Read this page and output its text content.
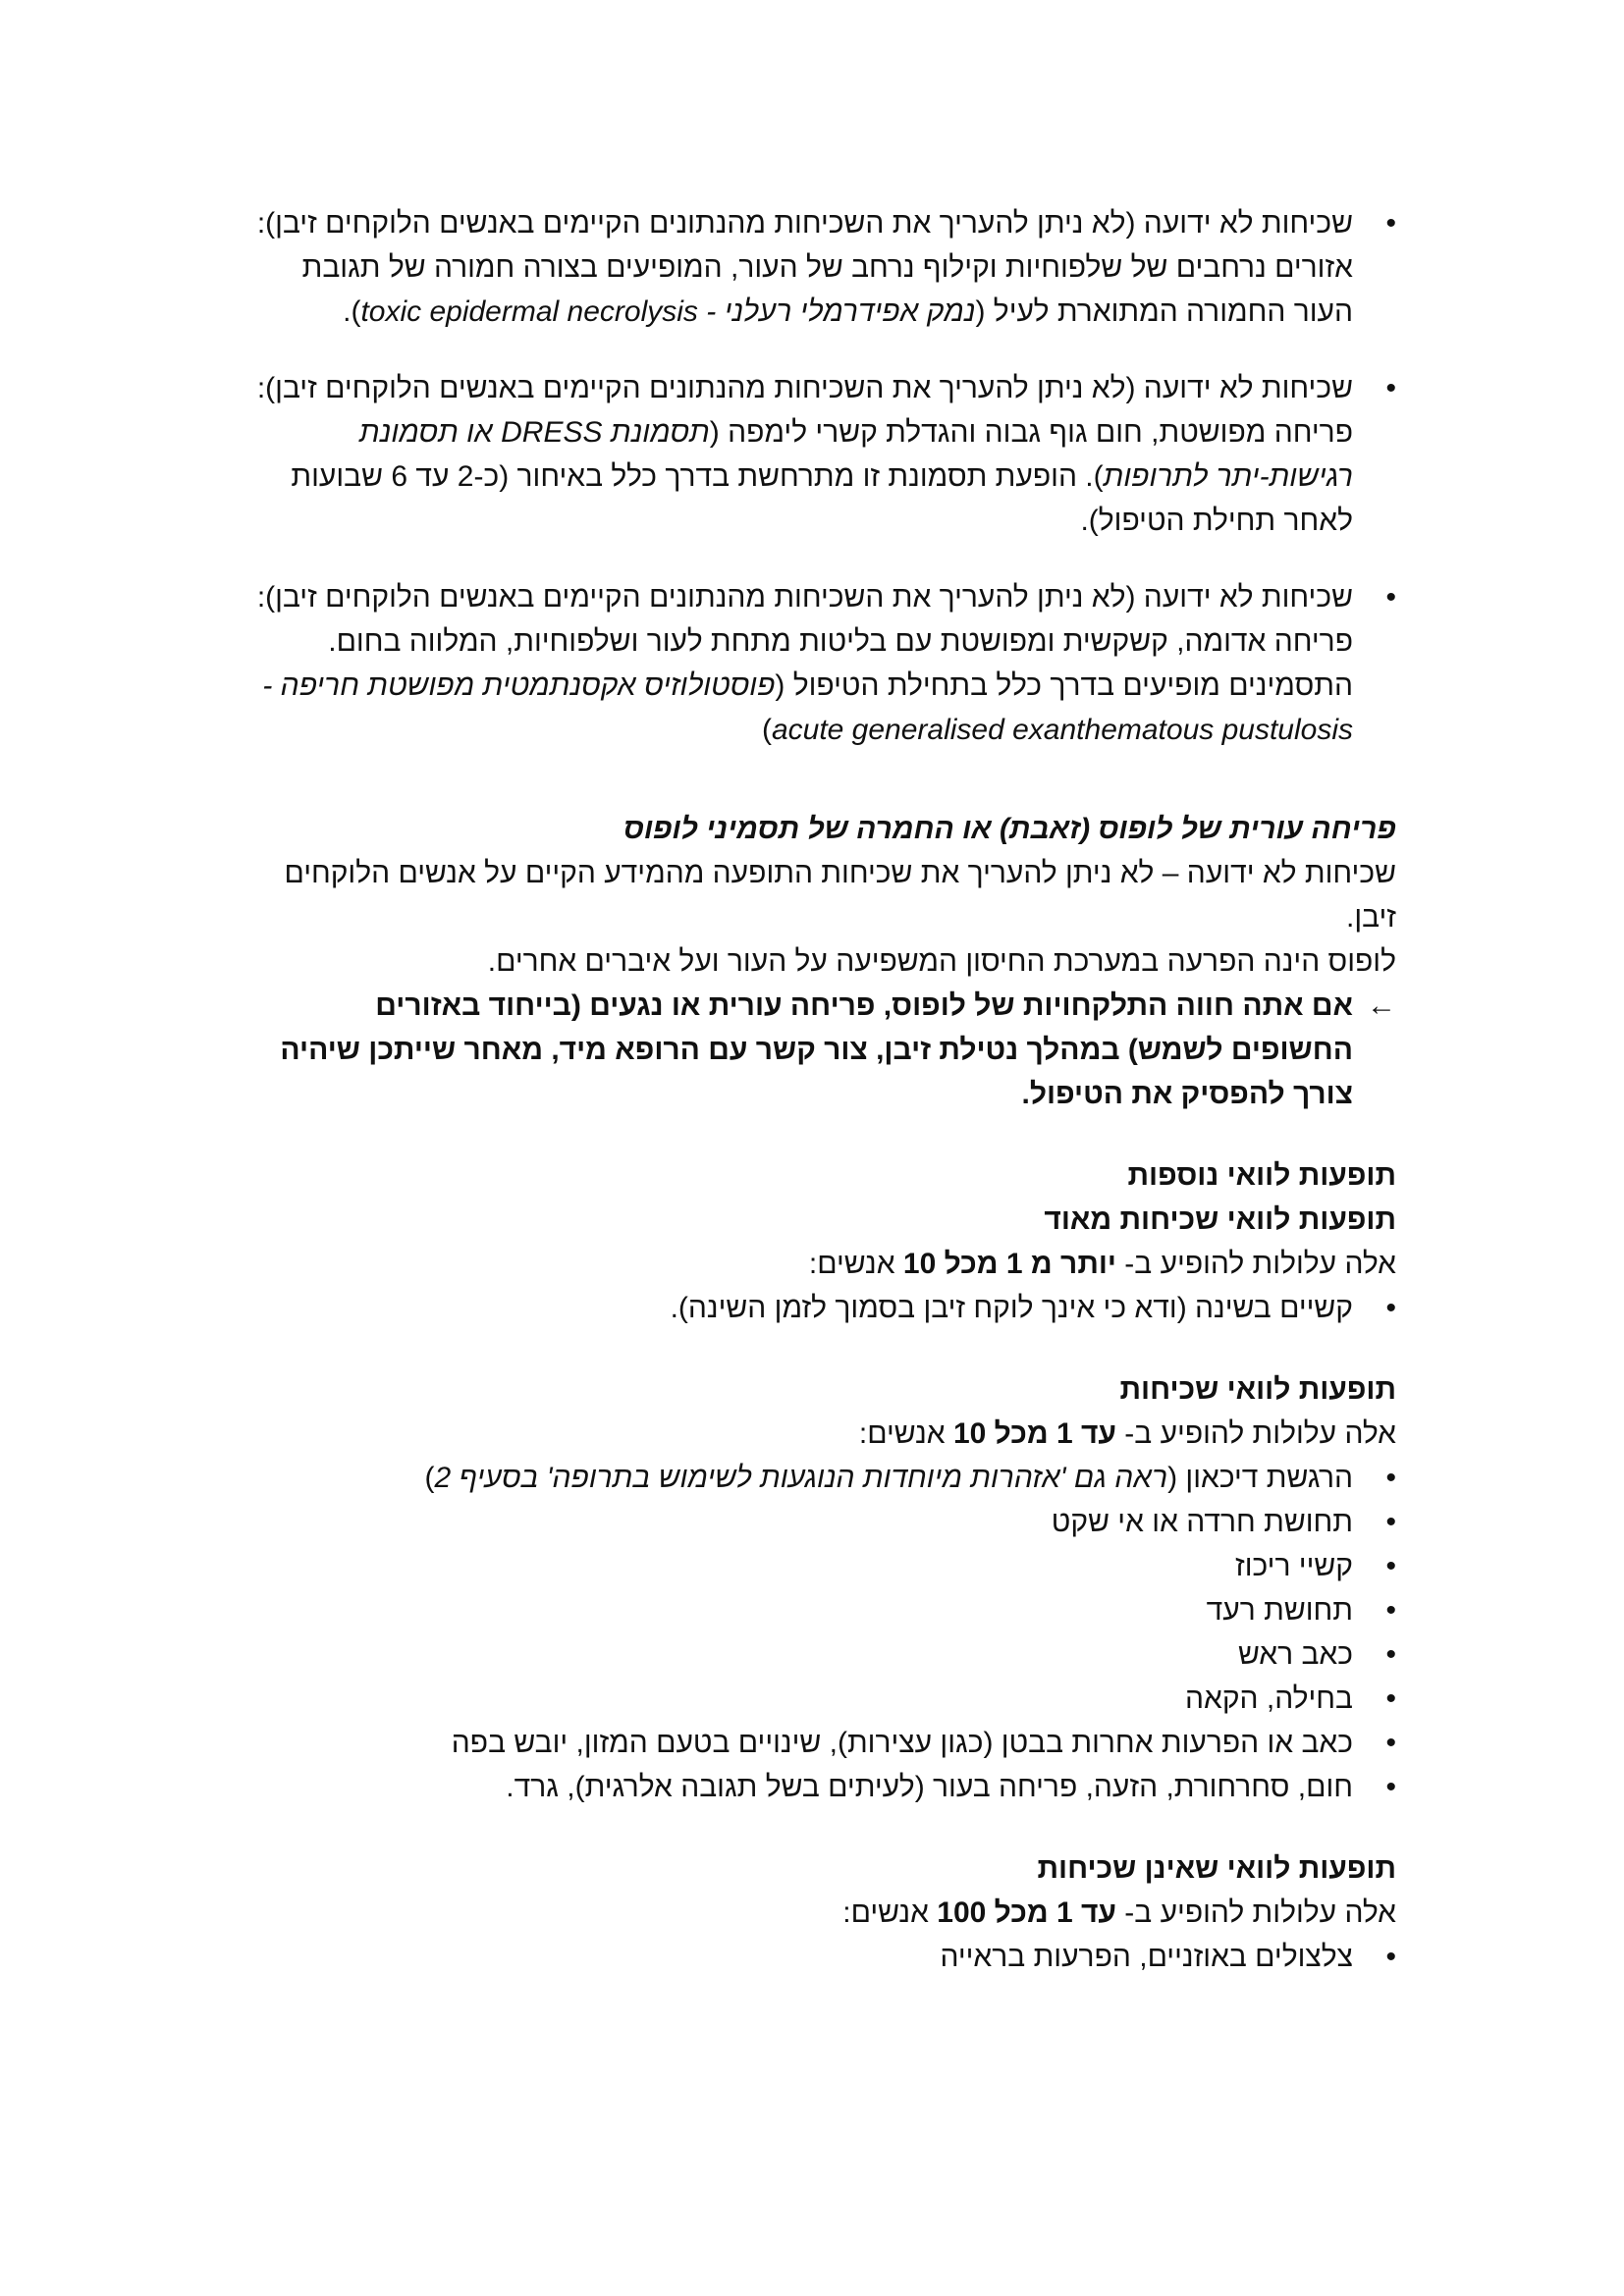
•
שכיחות לא ידועה (לא ניתן להעריך את השכיחות מהנתונים הקיימים באנשים הלוקחים זיבן): אזורים נרחבים של שלפוחיות וקילוף נרחב של העור, המופיעים בצורה חמורה של תגובת העור החמורה המתוארת לעיל (נמק אפידרמלי רעלני - toxic epidermal necrolysis).
•
שכיחות לא ידועה (לא ניתן להעריך את השכיחות מהנתונים הקיימים באנשים הלוקחים זיבן): פריחה מפושטת, חום גוף גבוה והגדלת קשרי לימפה (תסמונת DRESS או תסמונת רגישות-יתר לתרופות). הופעת תסמונת זו מתרחשת בדרך כלל באיחור (כ-2 עד 6 שבועות לאחר תחילת הטיפול).
•
שכיחות לא ידועה (לא ניתן להעריך את השכיחות מהנתונים הקיימים באנשים הלוקחים זיבן): פריחה אדומה, קשקשית ומפושטת עם בליטות מתחת לעור ושלפוחיות, המלווה בחום. התסמינים מופיעים בדרך כלל בתחילת הטיפול (פוסטולוזיס אקסנתמטית מפושטת חריפה - acute generalised exanthematous pustulosis)
פריחה עורית של לופוס (זאבת) או החמרה של תסמיני לופוס
שכיחות לא ידועה – לא ניתן להעריך את שכיחות התופעה מהמידע הקיים על אנשים הלוקחים זיבן.
לופוס הינה הפרעה במערכת החיסון המשפיעה על העור ועל איברים אחרים.
←
אם אתה חווה התלקחויות של לופוס, פריחה עורית או נגעים (בייחוד באזורים החשופים לשמש) במהלך נטילת זיבן, צור קשר עם הרופא מיד, מאחר שייתכן שיהיה צורך להפסיק את הטיפול.
תופעות לוואי נוספות
תופעות לוואי שכיחות מאוד
אלה עלולות להופיע ב- יותר מ 1 מכל 10 אנשים:
•
קשיים בשינה (ודא כי אינך לוקח זיבן בסמוך לזמן השינה).
תופעות לוואי שכיחות
אלה עלולות להופיע ב- עד 1 מכל 10 אנשים:
•
הרגשת דיכאון (ראה גם 'אזהרות מיוחדות הנוגעות לשימוש בתרופה' בסעיף 2)
•
תחושת חרדה או אי שקט
•
קשיי ריכוז
•
תחושת רעד
•
כאב ראש
•
בחילה, הקאה
•
כאב או הפרעות אחרות בבטן (כגון עצירות), שינויים בטעם המזון, יובש בפה
•
חום, סחרחורת, הזעה, פריחה בעור (לעיתים בשל תגובה אלרגית), גרד.
תופעות לוואי שאינן שכיחות
אלה עלולות להופיע ב- עד 1 מכל 100 אנשים:
•
צלצולים באוזניים, הפרעות בראייה
